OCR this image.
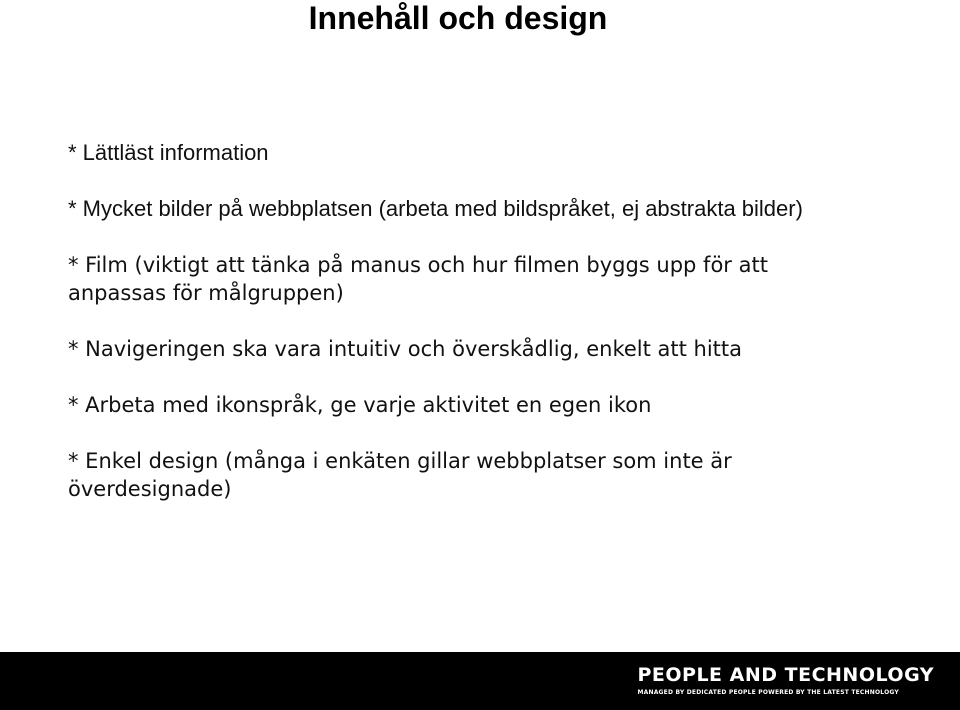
Innehåll och design
* Lättläst information
* Mycket bilder på webbplatsen (arbeta med bildspråket, ej abstrakta bilder)
* Film (viktigt att tänka på manus och hur filmen byggs upp för att anpassas för målgruppen)
* Navigeringen ska vara intuitiv och överskådlig, enkelt att hitta
* Arbeta med ikonspråk, ge varje aktivitet en egen ikon
* Enkel design (många i enkäten gillar webbplatser som inte är överdesignade)
PEOPLE AND TECHNOLOGY
MANAGED BY DEDICATED PEOPLE POWERED BY THE LATEST TECHNOLOGY
